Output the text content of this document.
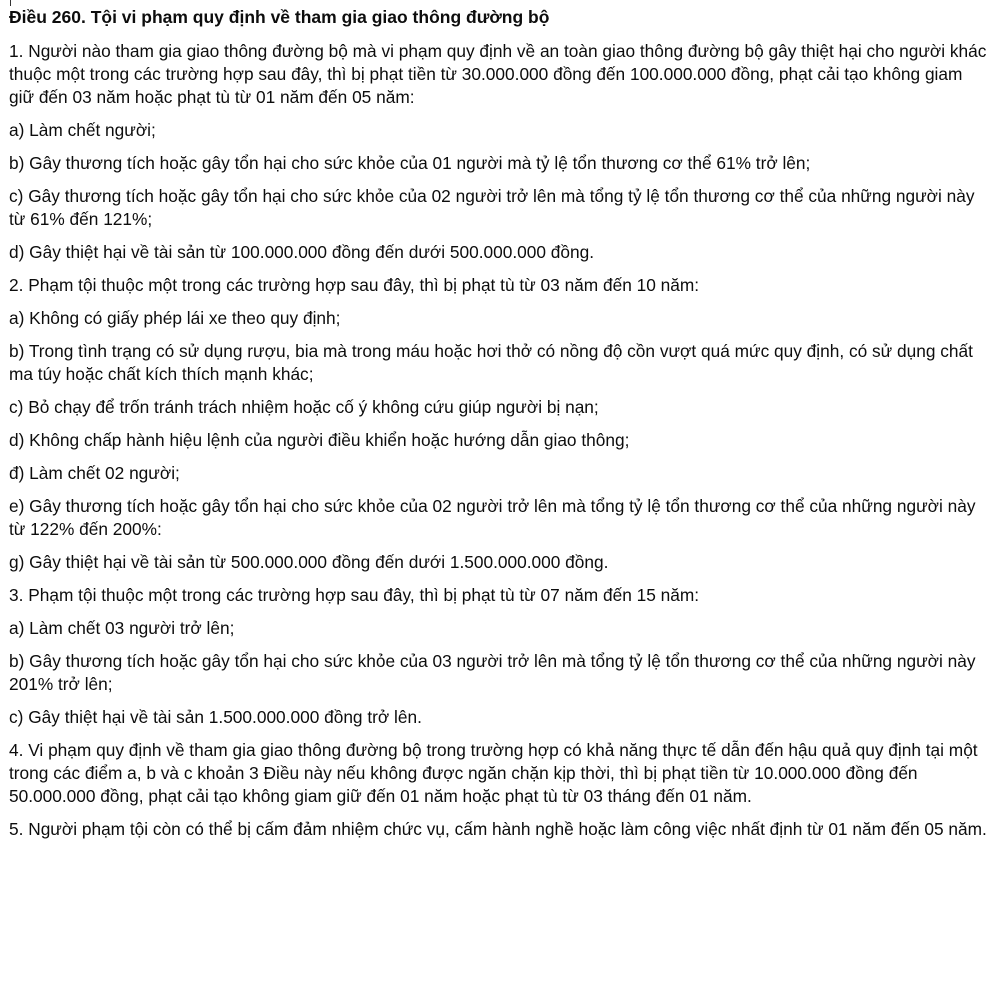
Điều 260. Tội vi phạm quy định về tham gia giao thông đường bộ

1. Người nào tham gia giao thông đường bộ mà vi phạm quy định về an toàn giao thông đường bộ gây thiệt hại cho người khác thuộc một trong các trường hợp sau đây, thì bị phạt tiền từ 30.000.000 đồng đến 100.000.000 đồng, phạt cải tạo không giam giữ đến 03 năm hoặc phạt tù từ 01 năm đến 05 năm:

a) Làm chết người;

b) Gây thương tích hoặc gây tổn hại cho sức khỏe của 01 người mà tỷ lệ tổn thương cơ thể 61% trở lên;

c) Gây thương tích hoặc gây tổn hại cho sức khỏe của 02 người trở lên mà tổng tỷ lệ tổn thương cơ thể của những người này từ 61% đến 121%;

d) Gây thiệt hại về tài sản từ 100.000.000 đồng đến dưới 500.000.000 đồng.

2. Phạm tội thuộc một trong các trường hợp sau đây, thì bị phạt tù từ 03 năm đến 10 năm:

a) Không có giấy phép lái xe theo quy định;

b) Trong tình trạng có sử dụng rượu, bia mà trong máu hoặc hơi thở có nồng độ cồn vượt quá mức quy định, có sử dụng chất ma túy hoặc chất kích thích mạnh khác;

c) Bỏ chạy để trốn tránh trách nhiệm hoặc cố ý không cứu giúp người bị nạn;

d) Không chấp hành hiệu lệnh của người điều khiển hoặc hướng dẫn giao thông;

đ) Làm chết 02 người;

e) Gây thương tích hoặc gây tổn hại cho sức khỏe của 02 người trở lên mà tổng tỷ lệ tổn thương cơ thể của những người này từ 122% đến 200%:

g) Gây thiệt hại về tài sản từ 500.000.000 đồng đến dưới 1.500.000.000 đồng.

3. Phạm tội thuộc một trong các trường hợp sau đây, thì bị phạt tù từ 07 năm đến 15 năm:

a) Làm chết 03 người trở lên;

b) Gây thương tích hoặc gây tổn hại cho sức khỏe của 03 người trở lên mà tổng tỷ lệ tổn thương cơ thể của những người này 201% trở lên;

c) Gây thiệt hại về tài sản 1.500.000.000 đồng trở lên.

4. Vi phạm quy định về tham gia giao thông đường bộ trong trường hợp có khả năng thực tế dẫn đến hậu quả quy định tại một trong các điểm a, b và c khoản 3 Điều này nếu không được ngăn chặn kịp thời, thì bị phạt tiền từ 10.000.000 đồng đến 50.000.000 đồng, phạt cải tạo không giam giữ đến 01 năm hoặc phạt tù từ 03 tháng đến 01 năm.

5. Người phạm tội còn có thể bị cấm đảm nhiệm chức vụ, cấm hành nghề hoặc làm công việc nhất định từ 01 năm đến 05 năm.
